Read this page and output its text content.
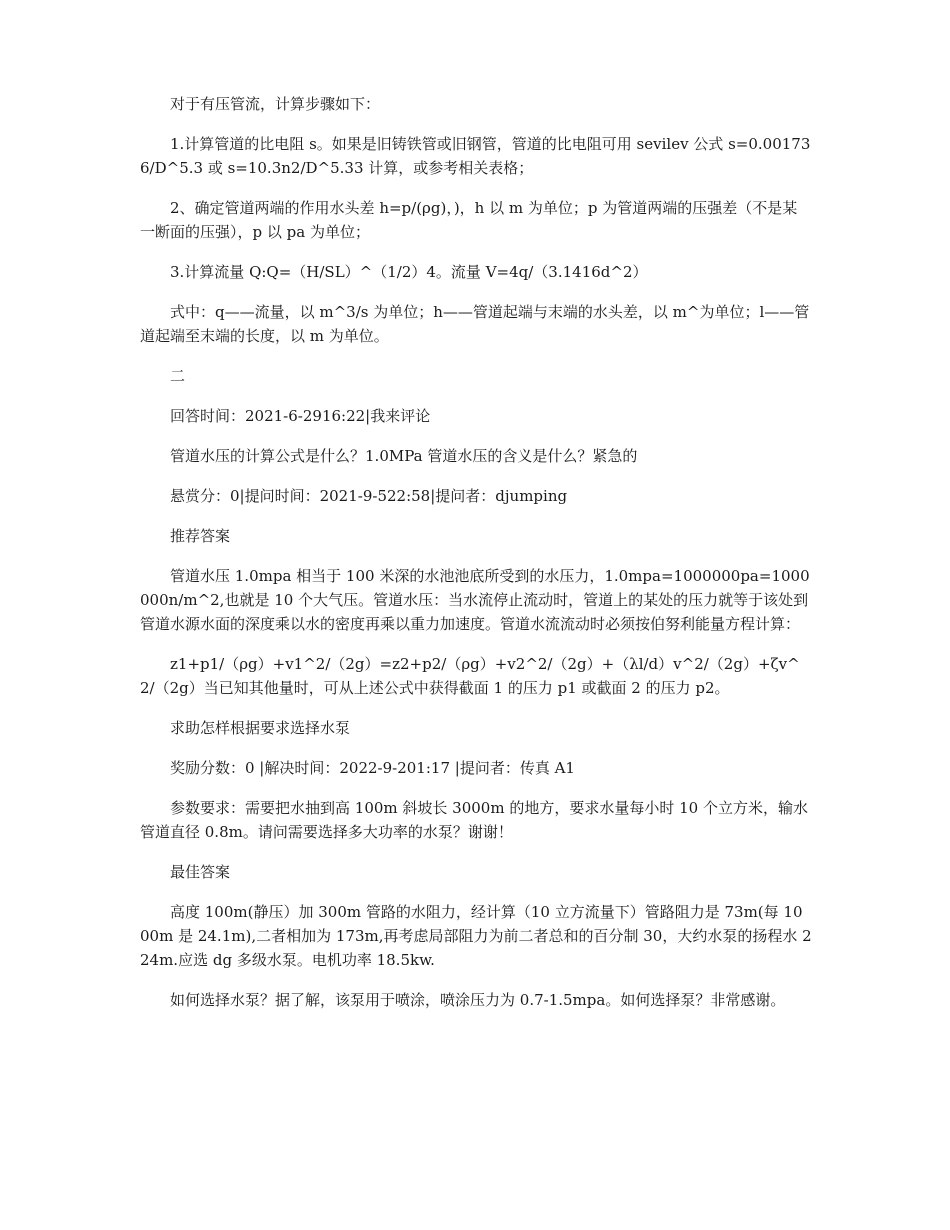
对于有压管流，计算步骤如下：

1.计算管道的比电阻 s。如果是旧铸铁管或旧钢管，管道的比电阻可用 sevilev 公式 s=0.001736/D^5.3 或 s=10.3n2/D^5.33 计算，或参考相关表格；

2、确定管道两端的作用水头差 h=p/(ρg)，)，h 以 m 为单位；p 为管道两端的压强差（不是某一断面的压强），p 以 pa 为单位；

3.计算流量 Q:Q=（H/SL）^（1/2）4。流量 V=4q/（3.1416d^2）

式中：q——流量，以 m^3/s 为单位；h——管道起端与末端的水头差，以 m^为单位；l——管道起端至末端的长度，以 m 为单位。

二

回答时间：2021-6-2916:22|我来评论

管道水压的计算公式是什么？1.0MPa 管道水压的含义是什么？紧急的

悬赏分：0|提问时间：2021-9-522:58|提问者：djumping

推荐答案

管道水压 1.0mpa 相当于 100 米深的水池池底所受到的水压力，1.0mpa=1000000pa=1000000n/m^2,也就是 10 个大气压。管道水压：当水流停止流动时，管道上的某处的压力就等于该处到管道水源水面的深度乘以水的密度再乘以重力加速度。管道水流流动时必须按伯努利能量方程计算：

z1+p1/（ρg）+v1^2/（2g）=z2+p2/（ρg）+v2^2/（2g）+（λl/d）v^2/（2g）+ζv^2/（2g）当已知其他量时，可从上述公式中获得截面 1 的压力 p1 或截面 2 的压力 p2。

求助怎样根据要求选择水泵

奖励分数：0 |解决时间：2022-9-201:17 |提问者：传真 A1

参数要求：需要把水抽到高 100m 斜坡长 3000m 的地方，要求水量每小时 10 个立方米，输水管道直径 0.8m。请问需要选择多大功率的水泵？谢谢！

最佳答案

高度 100m(静压）加 300m 管路的水阻力，经计算（10 立方流量下）管路阻力是 73m(每 1000m 是 24.1m),二者相加为 173m,再考虑局部阻力为前二者总和的百分制 30，大约水泵的扬程水 224m.应选 dg 多级水泵。电机功率 18.5kw.

如何选择水泵？据了解，该泵用于喷涂，喷涂压力为 0.7-1.5mpa。如何选择泵？非常感谢。
